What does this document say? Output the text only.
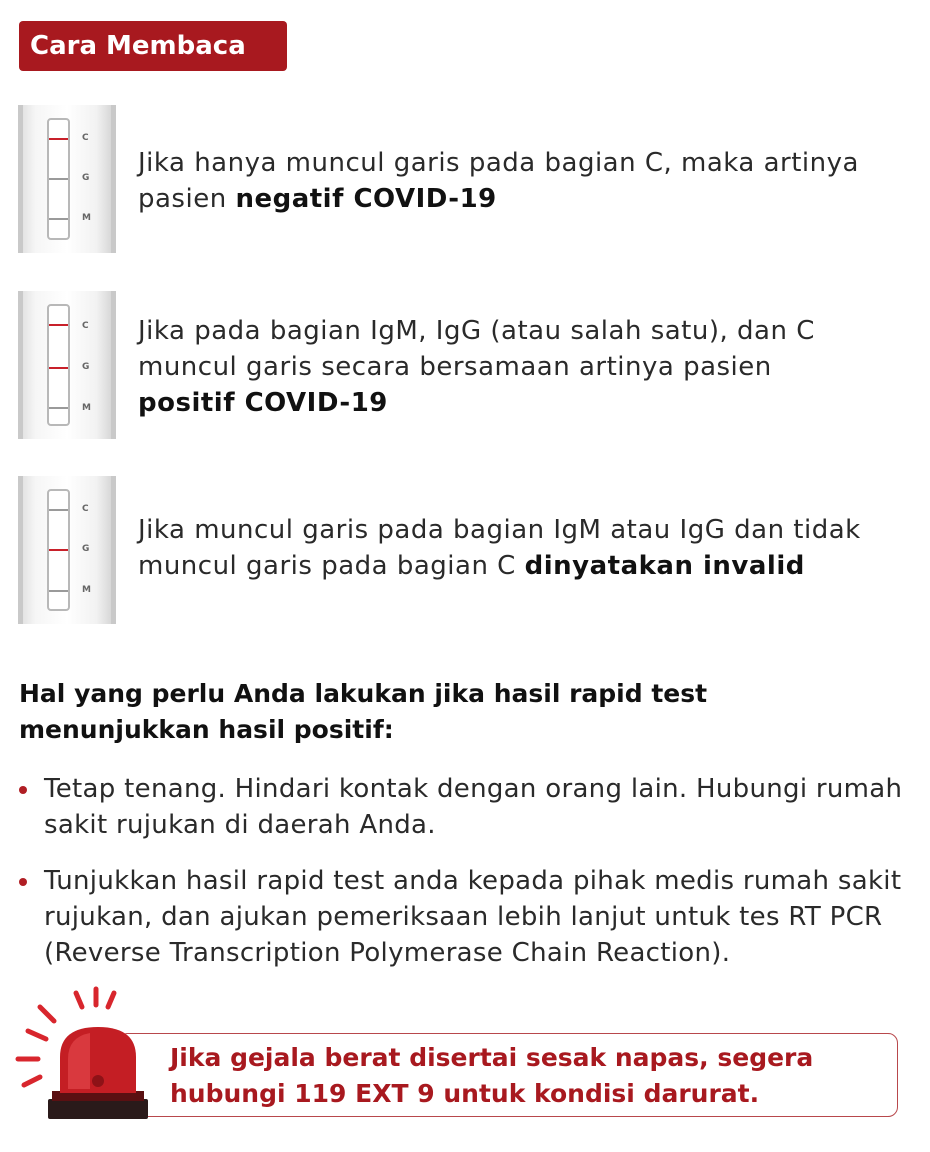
Cara Membaca
C
G
M
Jika hanya muncul garis pada bagian C, maka artinya pasien negatif COVID-19
C
G
M
Jika pada bagian IgM, IgG (atau salah satu), dan C muncul garis secara bersamaan artinya pasien positif COVID-19
C
G
M
Jika muncul garis pada bagian IgM atau IgG dan tidak muncul garis pada bagian C dinyatakan invalid
Hal yang perlu Anda lakukan jika hasil rapid test menunjukkan hasil positif:
Tetap tenang. Hindari kontak dengan orang lain. Hubungi rumah sakit rujukan di daerah Anda.
Tunjukkan hasil rapid test anda kepada pihak medis rumah sakit rujukan, dan ajukan pemeriksaan lebih lanjut untuk tes RT PCR (Reverse Transcription Polymerase Chain Reaction).
Jika gejala berat disertai sesak napas, segera hubungi 119 EXT 9 untuk kondisi darurat.
